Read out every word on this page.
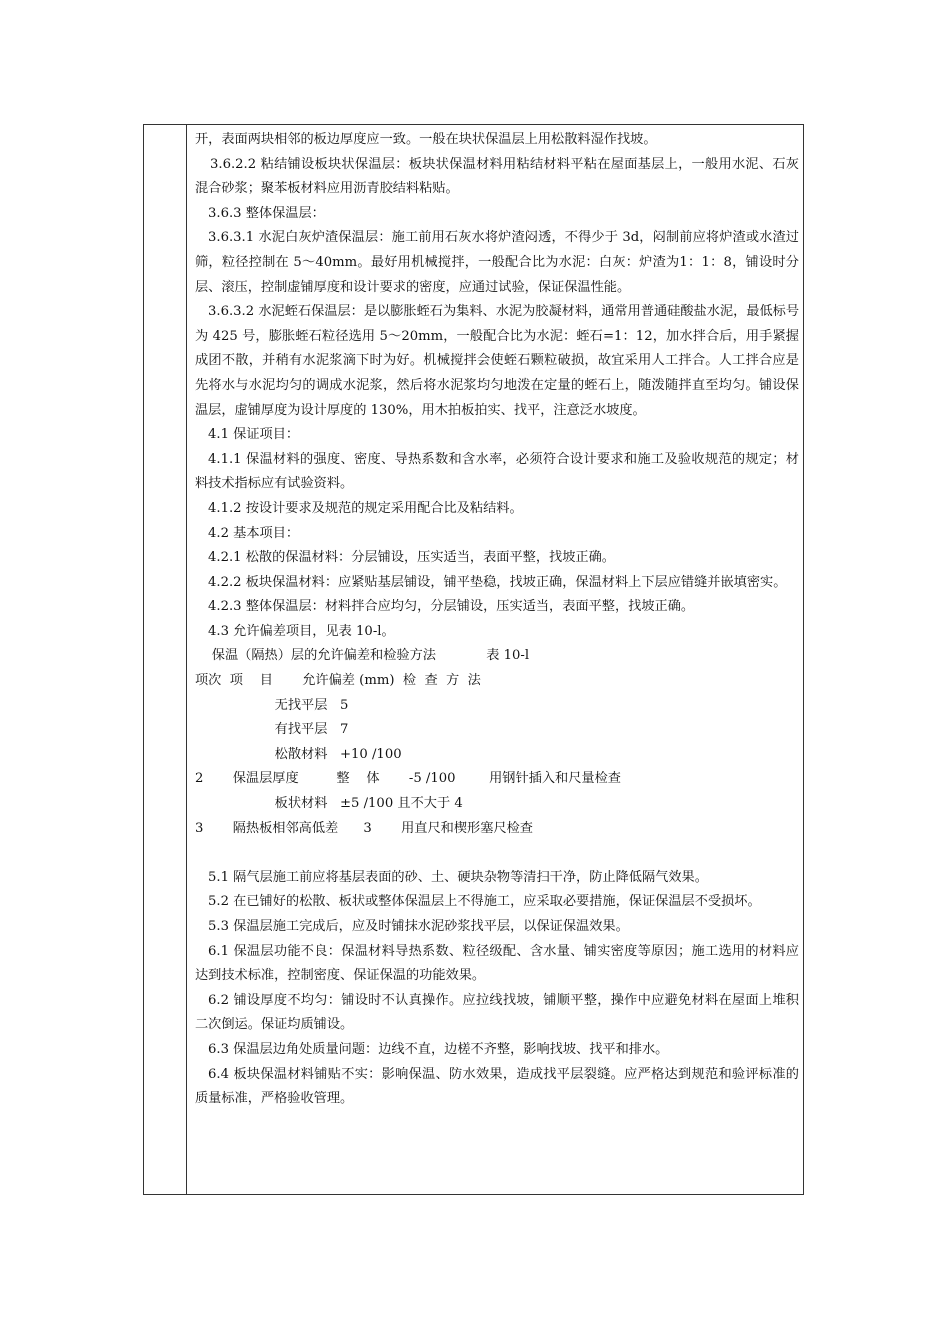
开，表面两块相邻的板边厚度应一致。一般在块状保温层上用松散料湿作找坡。

3.6.2.2 粘结铺设板块状保温层：板块状保温材料用粘结材料平粘在屋面基层上，一般用水泥、石灰混合砂浆；聚苯板材料应用沥青胶结料粘贴。

3.6.3 整体保温层：

3.6.3.1 水泥白灰炉渣保温层：施工前用石灰水将炉渣闷透，不得少于 3d，闷制前应将炉渣或水渣过筛，粒径控制在 5～40mm。最好用机械搅拌，一般配合比为水泥：白灰：炉渣为1：1：8，铺设时分层、滚压，控制虚铺厚度和设计要求的密度，应通过试验，保证保温性能。

3.6.3.2 水泥蛭石保温层：是以膨胀蛭石为集料、水泥为胶凝材料，通常用普通硅酸盐水泥，最低标号为 425 号，膨胀蛭石粒径选用 5～20mm，一般配合比为水泥：蛭石=1：12，加水拌合后，用手紧握成团不散，并稍有水泥浆滴下时为好。机械搅拌会使蛭石颗粒破损，故宜采用人工拌合。人工拌合应是先将水与水泥均匀的调成水泥浆，然后将水泥浆均匀地泼在定量的蛭石上，随泼随拌直至均匀。铺设保温层，虚铺厚度为设计厚度的 130%，用木拍板拍实、找平，注意泛水坡度。

4.1 保证项目：

4.1.1 保温材料的强度、密度、导热系数和含水率，必须符合设计要求和施工及验收规范的规定；材料技术指标应有试验资料。

4.1.2 按设计要求及规范的规定采用配合比及粘结料。

4.2 基本项目：

4.2.1 松散的保温材料：分层铺设，压实适当，表面平整，找坡正确。

4.2.2 板块保温材料：应紧贴基层铺设，铺平垫稳，找坡正确，保温材料上下层应错缝并嵌填密实。

4.2.3 整体保温层：材料拌合应均匀，分层铺设，压实适当，表面平整，找坡正确。

4.3 允许偏差项目，见表 10-l。

保温（隔热）层的允许偏差和检验方法            表 10-l

项次  项    目       允许偏差 (mm)  检  查  方  法

无找平层   5

有找平层   7

松散材料   +10 /100

2       保温层厚度         整    体       -5 /100        用钢针插入和尺量检查

板状材料   ±5 /100 且不大于 4

3       隔热板相邻高低差      3       用直尺和楔形塞尺检查

5.1 隔气层施工前应将基层表面的砂、土、硬块杂物等清扫干净，防止降低隔气效果。

5.2 在已铺好的松散、板状或整体保温层上不得施工，应采取必要措施，保证保温层不受损坏。

5.3 保温层施工完成后，应及时铺抹水泥砂浆找平层，以保证保温效果。

6.1 保温层功能不良：保温材料导热系数、粒径级配、含水量、铺实密度等原因；施工选用的材料应达到技术标准，控制密度、保证保温的功能效果。

6.2 铺设厚度不均匀：铺设时不认真操作。应拉线找坡，铺顺平整，操作中应避免材料在屋面上堆积二次倒运。保证均质铺设。

6.3 保温层边角处质量问题：边线不直，边槎不齐整，影响找坡、找平和排水。

6.4 板块保温材料铺贴不实：影响保温、防水效果，造成找平层裂缝。应严格达到规范和验评标准的质量标准，严格验收管理。
